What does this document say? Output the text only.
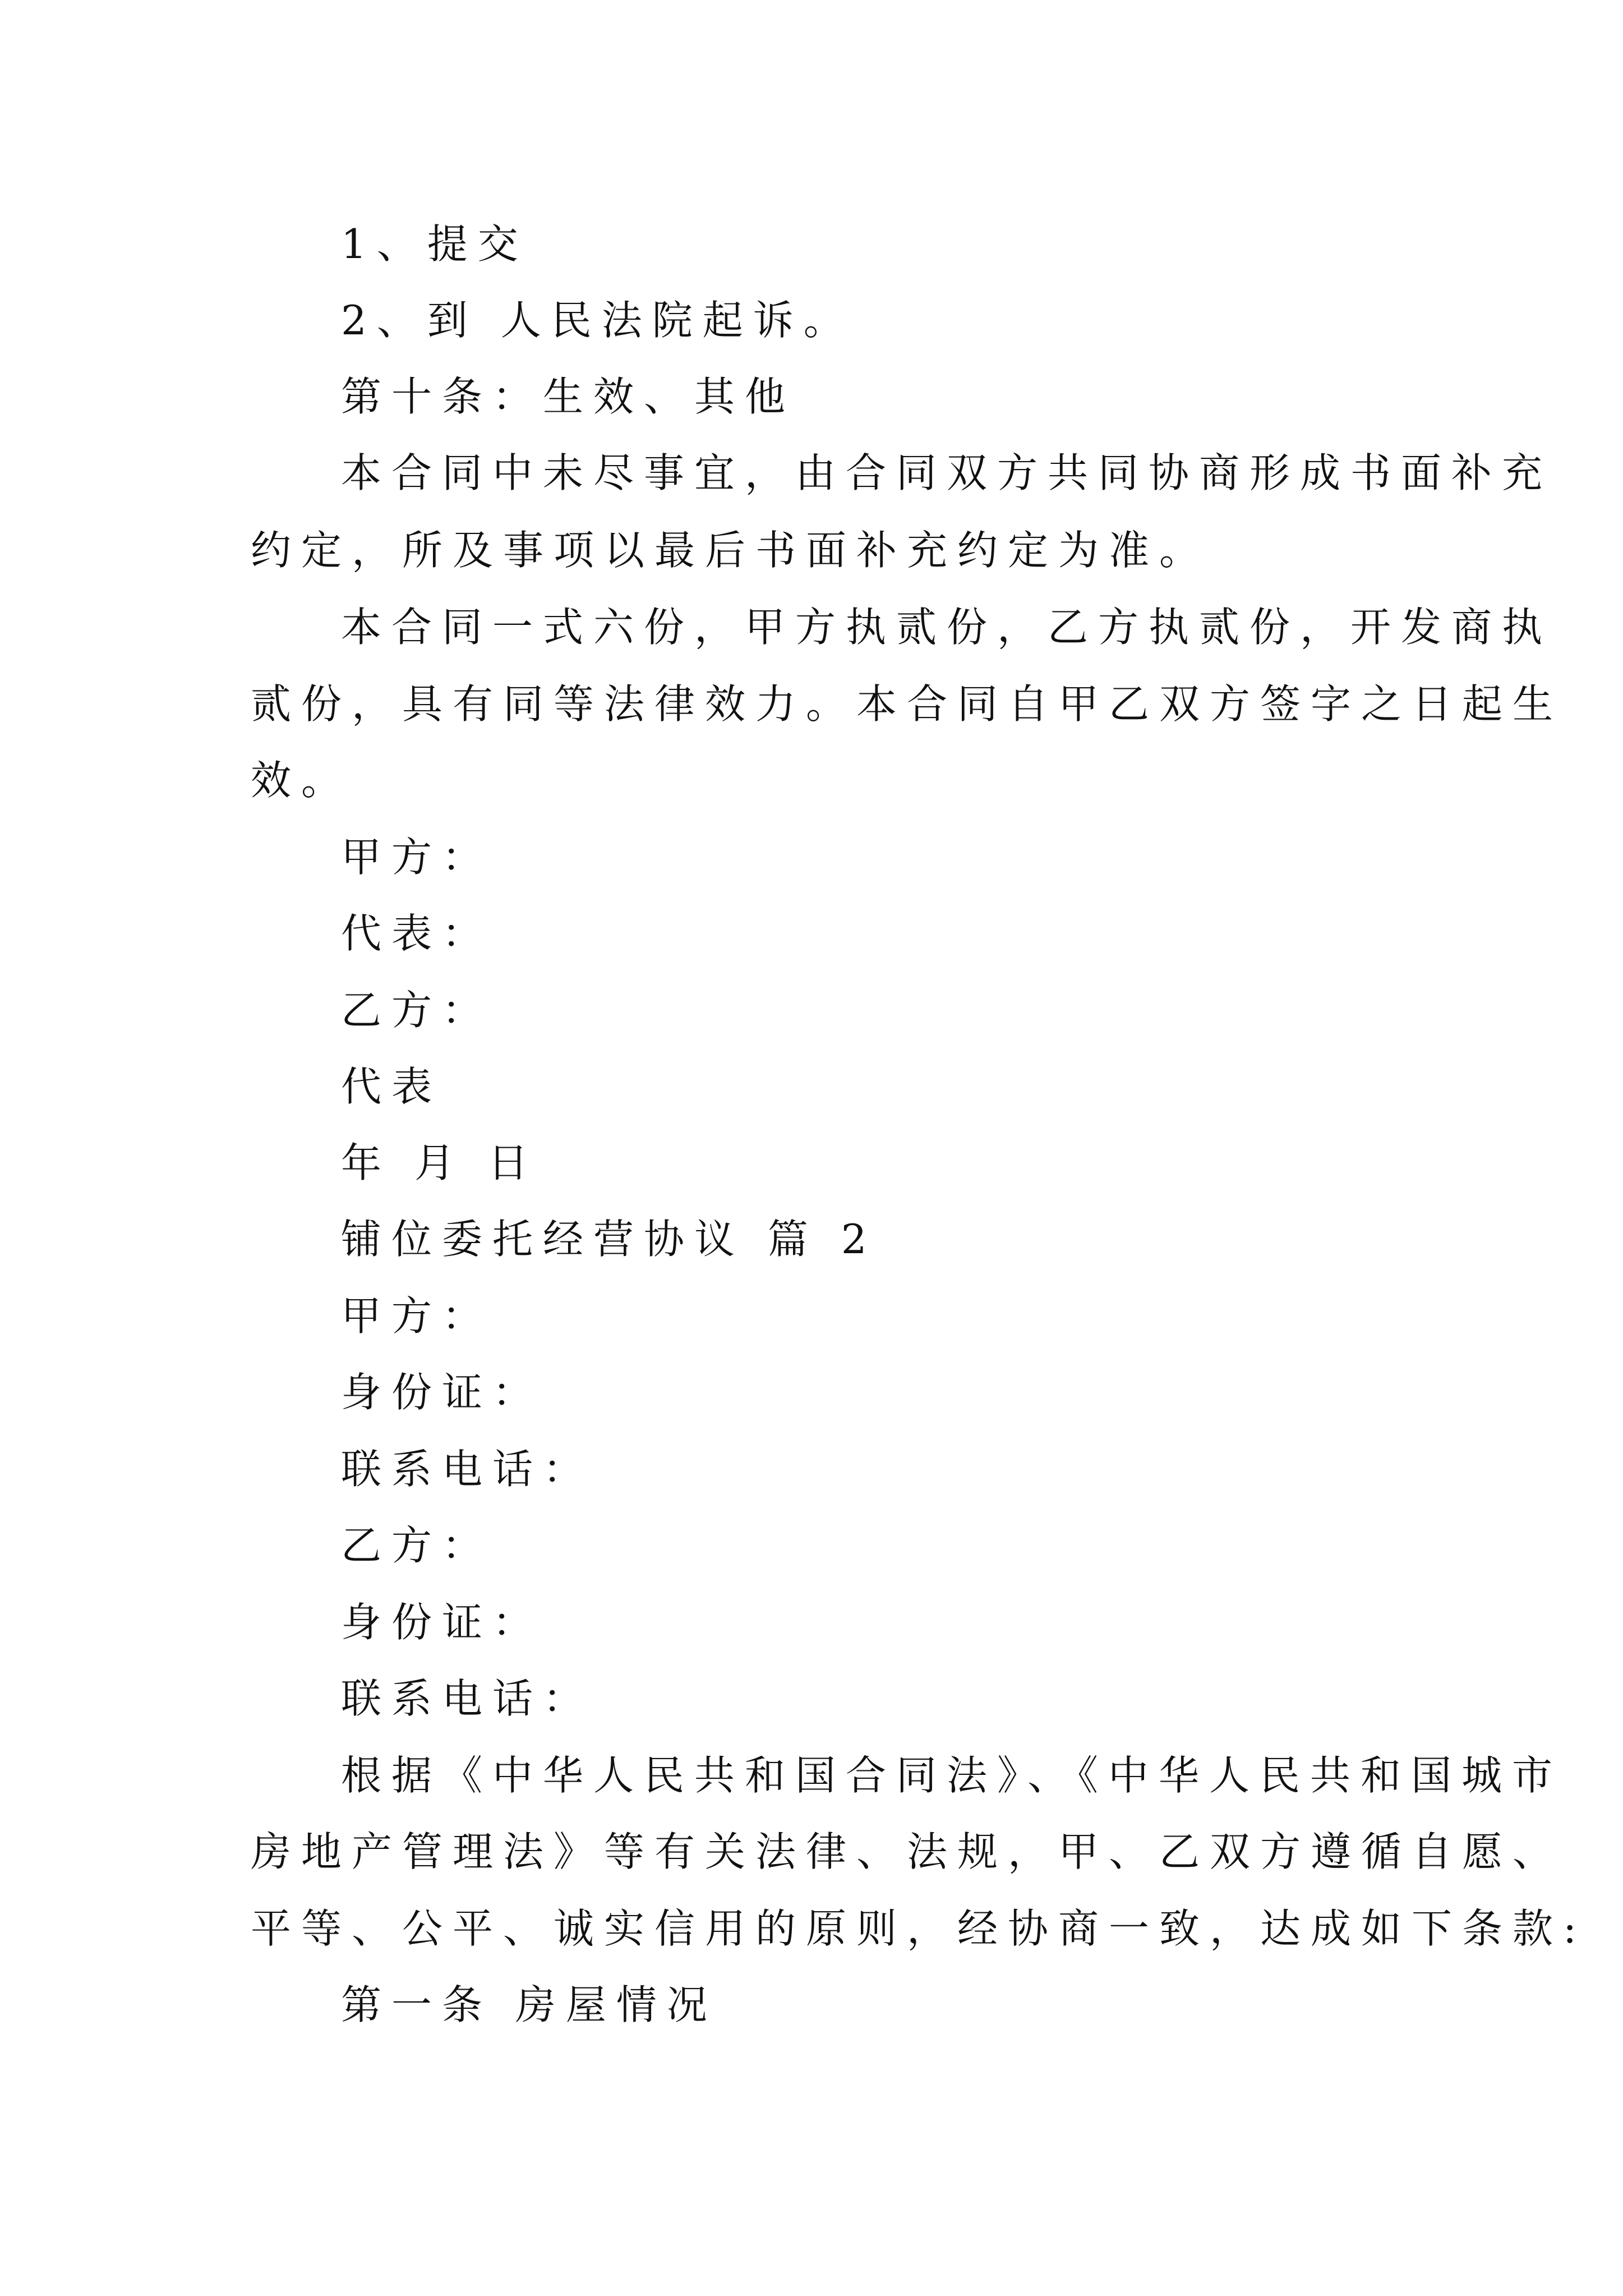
1、提交

2、到 人民法院起诉。

第十条：生效、其他

本合同中未尽事宜，由合同双方共同协商形成书面补充

约定，所及事项以最后书面补充约定为准。

本合同一式六份，甲方执贰份，乙方执贰份，开发商执

贰份，具有同等法律效力。本合同自甲乙双方签字之日起生

效。

甲方：

代表：

乙方：

代表

年 月 日

铺位委托经营协议 篇 2

甲方：

身份证：

联系电话：

乙方：

身份证：

联系电话：

根据《中华人民共和国合同法》、《中华人民共和国城市

房地产管理法》等有关法律、法规，甲、乙双方遵循自愿、

平等、公平、诚实信用的原则，经协商一致，达成如下条款:

第一条 房屋情况
